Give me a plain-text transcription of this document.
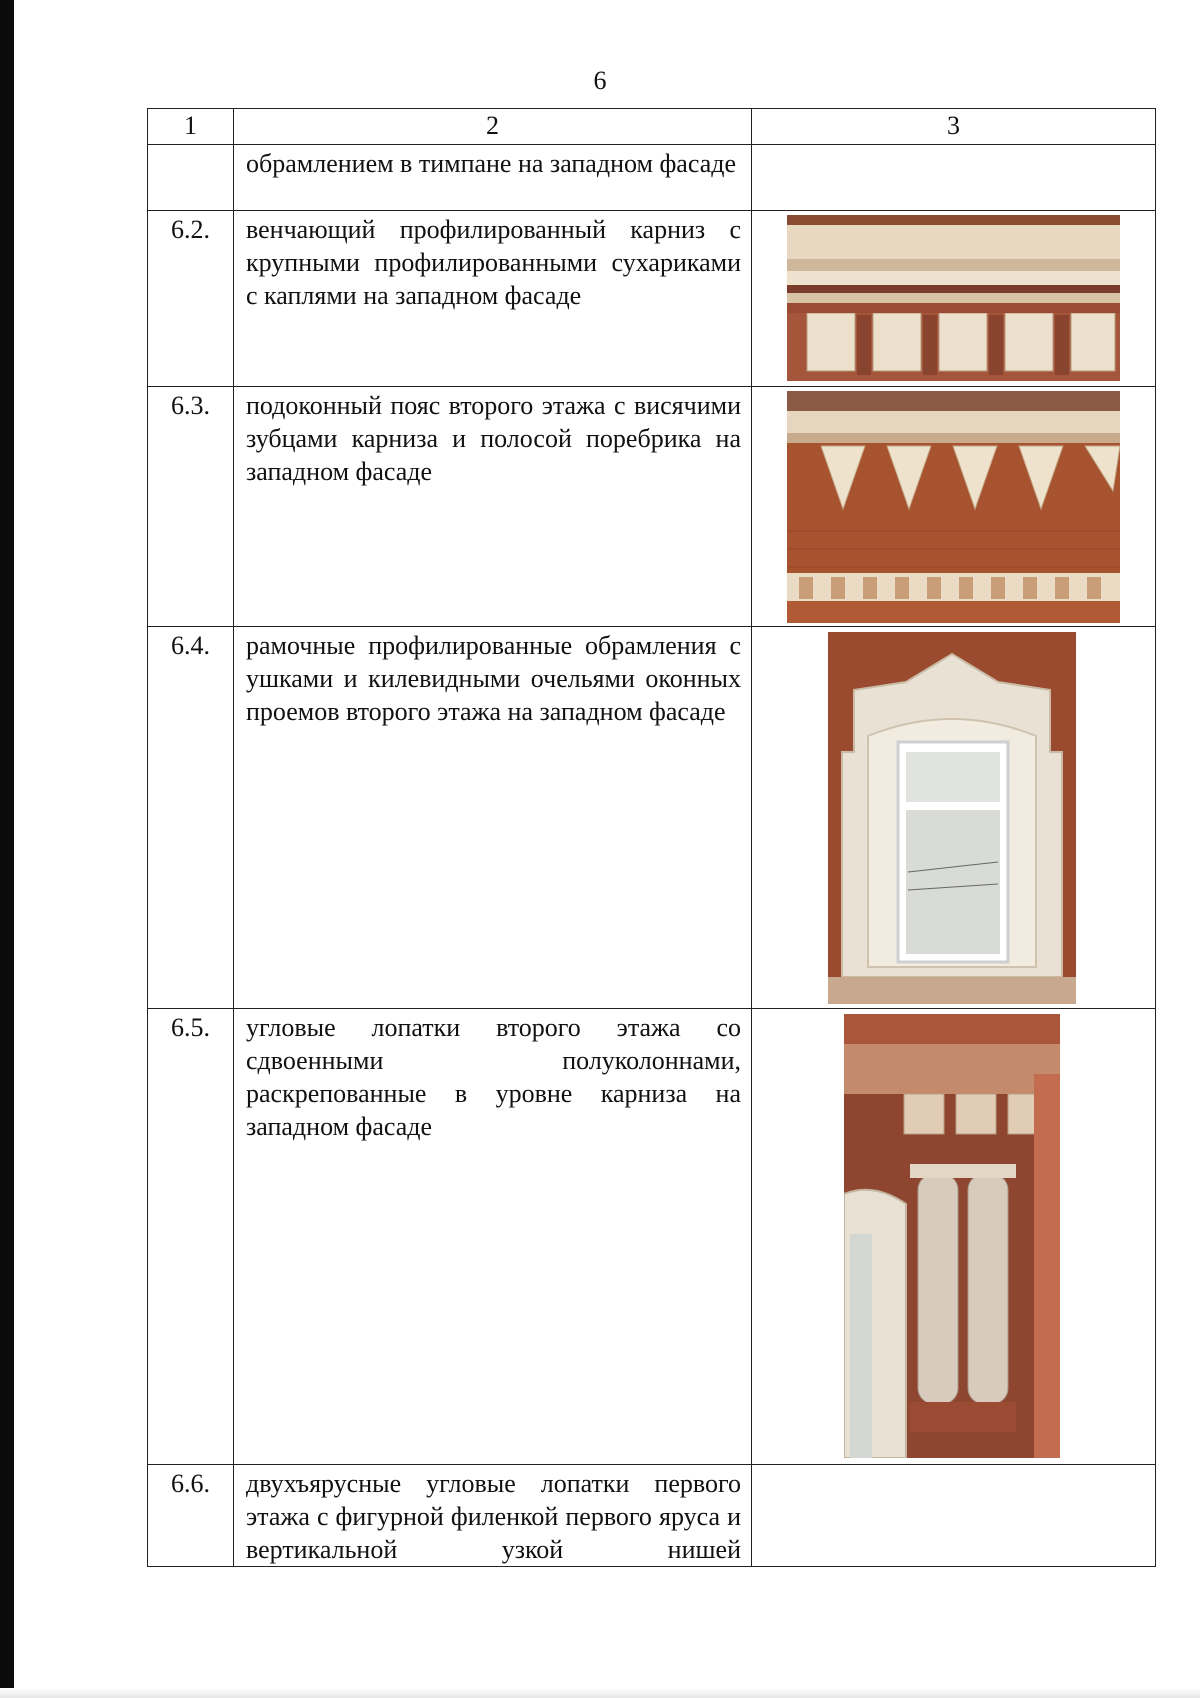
6
1	2	3
	обрамлением в тимпане на западном фасаде	
6.2.	венчающий профилированный карниз с крупными профилированными сухариками с каплями на западном фасаде	

6.3.	подоконный пояс второго этажа с висячими зубцами карниза и полосой поребрика на западном фасаде	

6.4.	рамочные профилированные обрамления с ушками и килевидными очельями оконных проемов второго этажа на западном фасаде	

6.5.	угловые лопатки второго этажа со сдвоенными полуколоннами, раскрепованные в уровне карниза на западном фасаде	

6.6.	двухъярусные угловые лопатки первого этажа с фигурной филенкой первого яруса и вертикальной узкой нишей	
